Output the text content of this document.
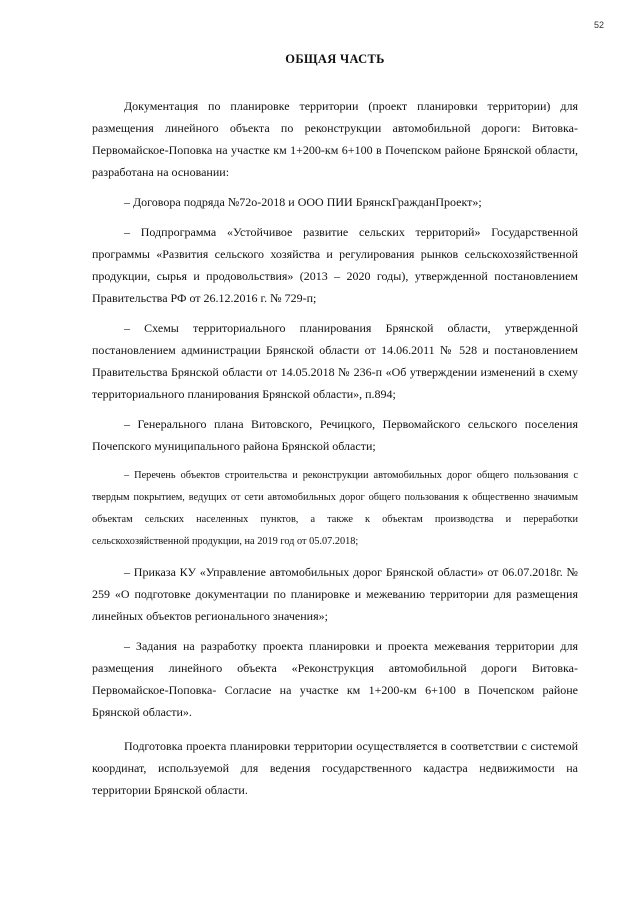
52
ОБЩАЯ ЧАСТЬ

Документация по планировке территории (проект планировки территории) для размещения линейного объекта по реконструкции автомобильной дороги: Витовка-Первомайское-Поповка на участке км 1+200-км 6+100 в Почепском районе Брянской области, разработана на основании:

– Договора подряда №72о-2018 и ООО ПИИ БрянскГражданПроект»;

– Подпрограмма «Устойчивое развитие сельских территорий» Государственной программы «Развития сельского хозяйства и регулирования рынков сельскохозяйственной продукции, сырья и продовольствия» (2013 – 2020 годы), утвержденной постановлением Правительства РФ от 26.12.2016 г. № 729-п;

– Схемы территориального планирования Брянской области, утвержденной постановлением администрации Брянской области от 14.06.2011 № 528 и постановлением Правительства Брянской области от 14.05.2018 № 236-п «Об утверждении изменений в схему территориального планирования Брянской области», п.894;

– Генерального плана Витовского, Речицкого, Первомайского сельского поселения Почепского муниципального района Брянской области;

– Перечень объектов строительства и реконструкции автомобильных дорог общего пользования с твердым покрытием, ведущих от сети автомобильных дорог общего пользования к общественно значимым объектам сельских населенных пунктов, а также к объектам производства и переработки сельскохозяйственной продукции, на 2019 год от 05.07.2018;

– Приказа КУ «Управление автомобильных дорог Брянской области» от 06.07.2018г. № 259 «О подготовке документации по планировке и межеванию территории для размещения линейных объектов регионального значения»;

– Задания на разработку проекта планировки и проекта межевания территории для размещения линейного объекта «Реконструкция автомобильной дороги Витовка-Первомайское-Поповка- Согласие на участке км 1+200-км 6+100 в Почепском районе Брянской области».

Подготовка проекта планировки территории осуществляется в соответствии с системой координат, используемой для ведения государственного кадастра недвижимости на территории Брянской области.
